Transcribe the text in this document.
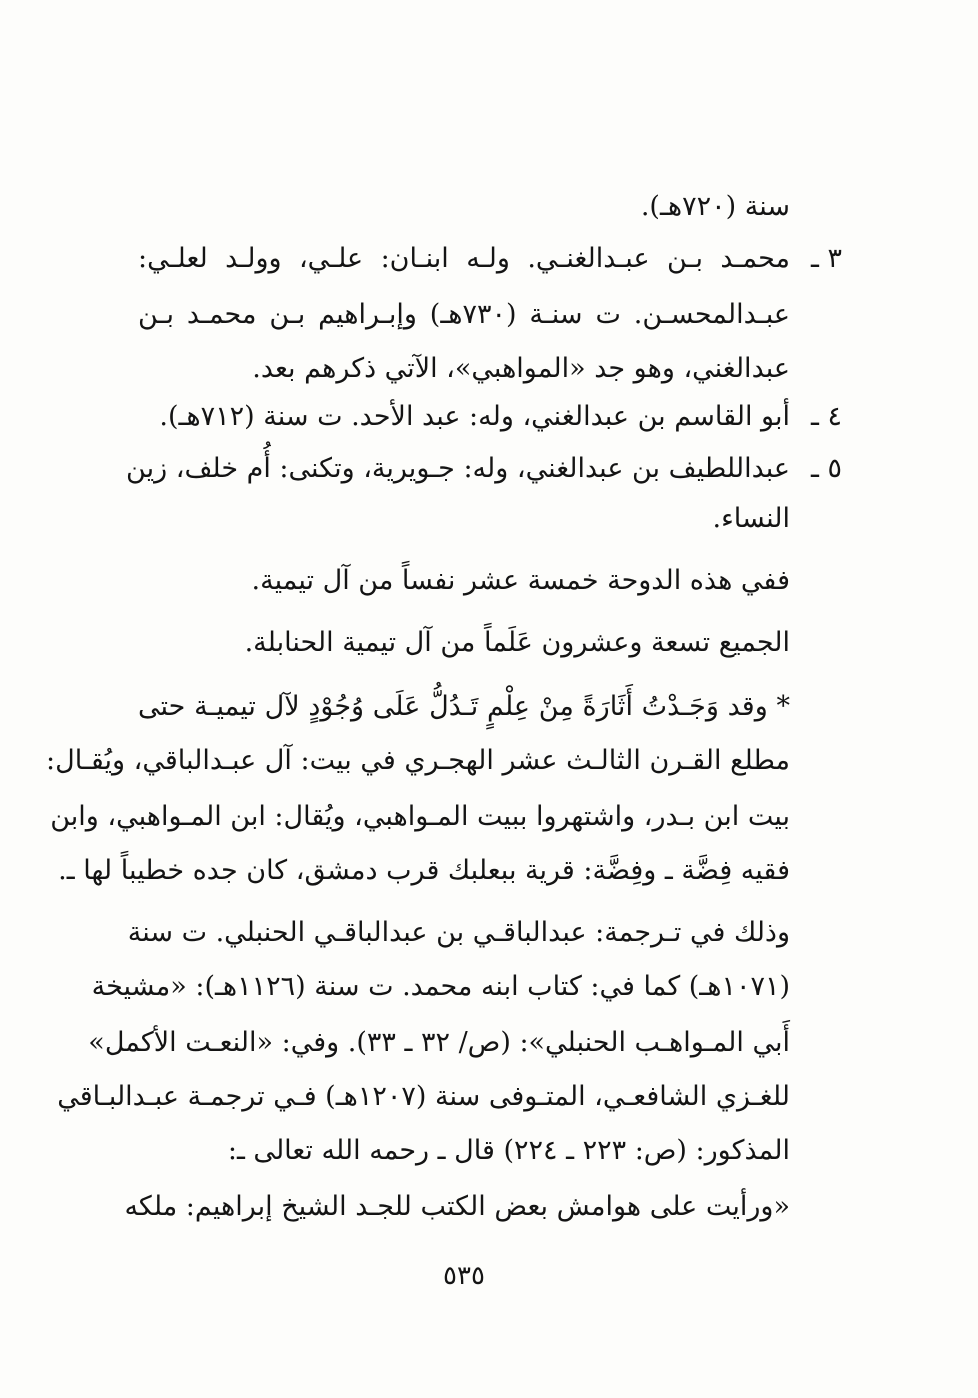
سنة (٧٢٠هـ).
٣ ـ
محمـد بـن عبـدالغنـي. ولـه ابنـان: علـي، وولـد لعلـي:
عبـدالمحسـن. ت سنـة (٧٣٠هـ) وإبـراهيم بـن محمـد بـن
عبدالغني، وهو جد «المواهبي»، الآتي ذكرهم بعد.
٤ ـ
أبو القاسم بن عبدالغني، وله: عبد الأحد. ت سنة (٧١٢هـ).
٥ ـ
عبداللطيف بن عبدالغني، وله: جـويرية، وتكنى: أُم خلف، زين
النساء.
ففي هذه الدوحة خمسة عشر نفساً من آل تيمية.
الجميع تسعة وعشرون عَلَماً من آل تيمية الحنابلة.
* وقد وَجَـدْتُ أَثَارَةً مِنْ عِلْمٍ تَـدُلُّ عَلَى وُجُوْدٍ لآل تيميـة حتى
مطلع القـرن الثالـث عشر الهجـري في بيت: آل عبـدالباقي، ويُقـال:
بيت ابن بـدر، واشتهروا ببيت المـواهبي، ويُقال: ابن المـواهبي، وابن
فقيه فِضَّة ـ وفِضَّة: قرية ببعلبك قرب دمشق، كان جده خطيباً لها ـ.
وذلك في تـرجمة: عبدالباقـي بن عبدالباقـي الحنبلي. ت سنة
(١٠٧١هـ) كما في: كتاب ابنه محمد. ت سنة (١١٢٦هـ): «مشيخة
أَبي المـواهـب الحنبلي»: (ص/ ٣٢ ـ ٣٣). وفي: «النعـت الأكمل»
للغـزي الشافعـي، المتـوفى سنة (١٢٠٧هـ) فـي ترجمـة عبـدالبـاقي
المذكور: (ص: ٢٢٣ ـ ٢٢٤) قال ـ رحمه الله تعالى ـ:
«ورأيت على هوامش بعض الكتب للجـد الشيخ إبراهيم: ملكه
٥٣٥
